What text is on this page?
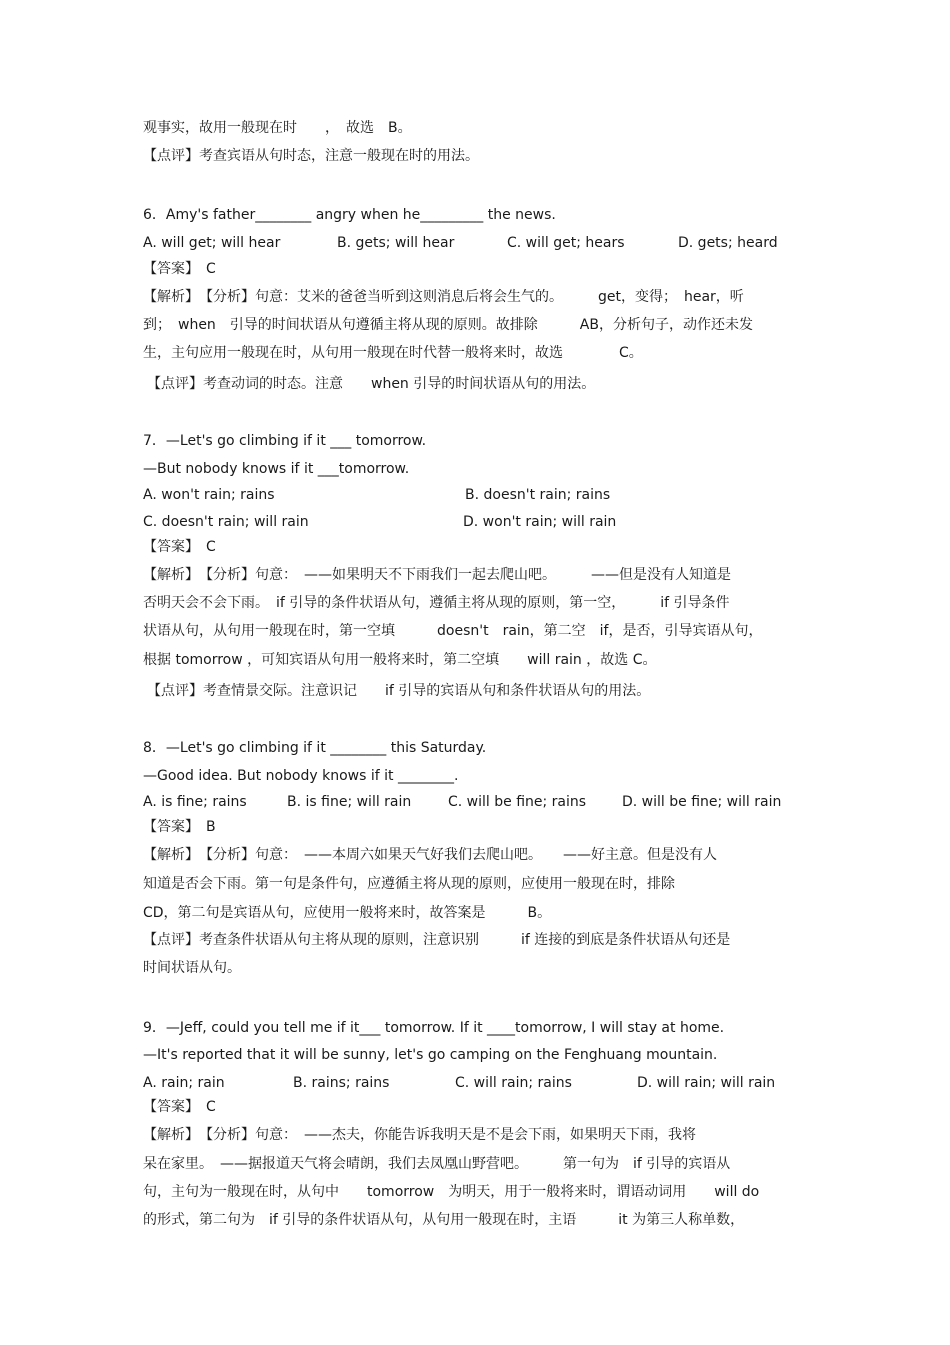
观事实，故用一般现在时　　，　故选　B。
【点评】考查宾语从句时态，注意一般现在时的用法。
6．Amy's father________ angry when he_________ the news.
A. will get; will hear	B. gets; will hear	C. will get; hears	D. gets; heard
【答案】　C
【解析】　【分析】句意：艾米的爸爸当听到这则消息后将会生气的。　　　get，变得；　hear，听
到；　when　引导的时间状语从句遵循主将从现的原则。故排除　　　AB，分析句子，动作还未发
生，主句应用一般现在时，从句用一般现在时代替一般将来时，故选　　　　C。
【点评】考查动词的时态。注意　　when 引导的时间状语从句的用法。
7．—Let's go climbing if it ___ tomorrow.
—But nobody knows if it ___tomorrow.
A. won't rain; rains	B. doesn't rain; rains
C. doesn't rain; will rain	D. won't rain; will rain
【答案】　C
【解析】　【分析】句意：　——如果明天不下雨我们一起去爬山吧。　　　——但是没有人知道是
否明天会不会下雨。　if 引导的条件状语从句，遵循主将从现的原则，第一空，　　　if 引导条件
状语从句，从句用一般现在时，第一空填　　　doesn't　rain，第二空　if，是否，引导宾语从句，
根据 tomorrow ，可知宾语从句用一般将来时，第二空填　　will rain ，故选 C。
【点评】考查情景交际。注意识记　　if 引导的宾语从句和条件状语从句的用法。
8．—Let's go climbing if it ________ this Saturday.
—Good idea. But nobody knows if it ________.
A. is fine; rains	B. is fine; will rain	C. will be fine; rains	D. will be fine; will rain
【答案】　B
【解析】　【分析】句意：　——本周六如果天气好我们去爬山吧。　　——好主意。但是没有人
知道是否会下雨。第一句是条件句，应遵循主将从现的原则，应使用一般现在时，排除
CD，第二句是宾语从句，应使用一般将来时，故答案是　　　B。
【点评】考查条件状语从句主将从现的原则，注意识别　　　if 连接的到底是条件状语从句还是
时间状语从句。
9．—Jeff, could you tell me if it___ tomorrow. If it ____tomorrow, I will stay at home.
—It's reported that it will be sunny, let's go camping on the Fenghuang mountain.
A. rain; rain	B. rains; rains	C. will rain; rains	D. will rain; will rain
【答案】　C
【解析】　【分析】句意：　——杰夫，你能告诉我明天是不是会下雨，如果明天下雨，我将
呆在家里。　——据报道天气将会晴朗，我们去凤凰山野营吧。　　　第一句为　if 引导的宾语从
句，主句为一般现在时，从句中　　tomorrow　为明天，用于一般将来时，谓语动词用　　will do
的形式，第二句为　if 引导的条件状语从句，从句用一般现在时，主语　　　it 为第三人称单数，
